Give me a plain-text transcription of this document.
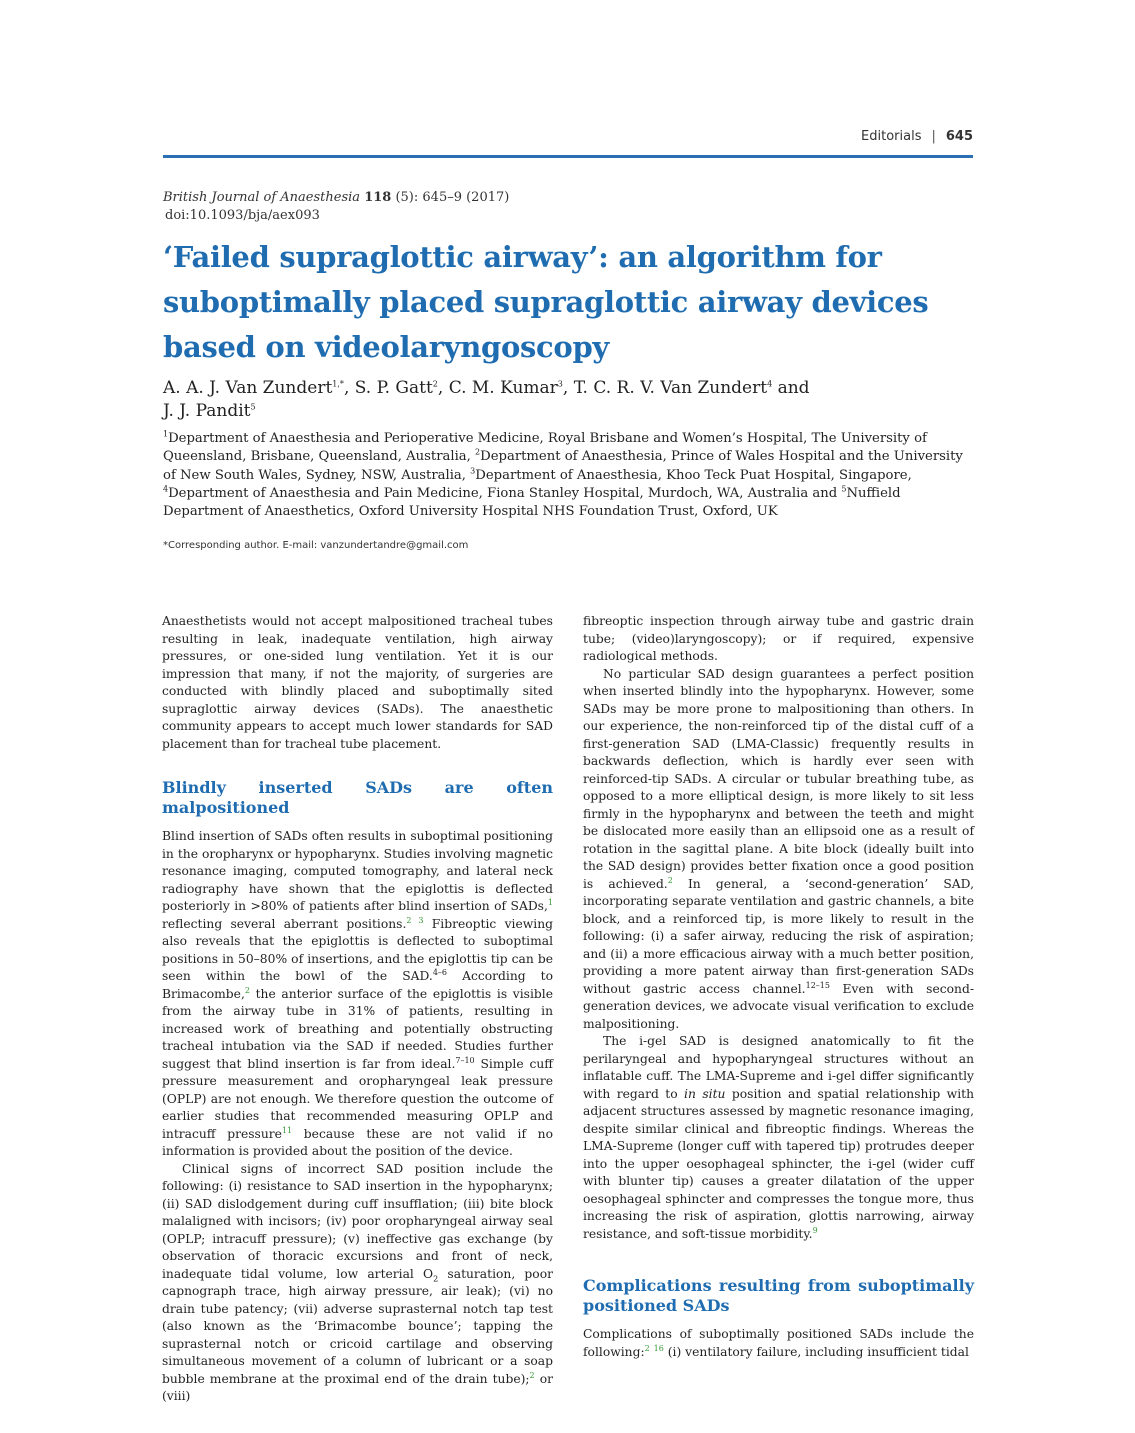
Editorials | 645
British Journal of Anaesthesia 118 (5): 645–9 (2017)
doi:10.1093/bja/aex093
‘Failed supraglottic airway’: an algorithm for suboptimally placed supraglottic airway devices based on videolaryngoscopy
A. A. J. Van Zundert$^{1,*}$, S. P. Gatt$^2$, C. M. Kumar$^3$, T. C. R. V. Van Zundert$^4$ and
J. J. Pandit$^5$
$^1$Department of Anaesthesia and Perioperative Medicine, Royal Brisbane and Women’s Hospital, The University of Queensland, Brisbane, Queensland, Australia, $^2$Department of Anaesthesia, Prince of Wales Hospital and the University of New South Wales, Sydney, NSW, Australia, $^3$Department of Anaesthesia, Khoo Teck Puat Hospital, Singapore,
$^4$Department of Anaesthesia and Pain Medicine, Fiona Stanley Hospital, Murdoch, WA, Australia and $^5$Nuffield Department of Anaesthetics, Oxford University Hospital NHS Foundation Trust, Oxford, UK
*Corresponding author. E-mail: vanzundertandre@gmail.com

Anaesthetists would not accept malpositioned tracheal tubes resulting in leak, inadequate ventilation, high airway pressures, or one-sided lung ventilation. Yet it is our impression that many, if not the majority, of surgeries are conducted with blindly placed and suboptimally sited supraglottic airway devices (SADs). The anaesthetic community appears to accept much lower standards for SAD placement than for tracheal tube placement.

Blindly inserted SADs are often malpositioned

Blind insertion of SADs often results in suboptimal positioning in the oropharynx or hypopharynx. Studies involving magnetic resonance imaging, computed tomography, and lateral neck radiography have shown that the epiglottis is deflected posteriorly in >80% of patients after blind insertion of SADs,$^1$ reflecting several aberrant positions.$^{2 3}$ Fibreoptic viewing also reveals that the epiglottis is deflected to suboptimal positions in 50–80% of insertions, and the epiglottis tip can be seen within the bowl of the SAD.$^{4-6}$ According to Brimacombe,$^2$ the anterior surface of the epiglottis is visible from the airway tube in 31% of patients, resulting in increased work of breathing and potentially obstructing tracheal intubation via the SAD if needed. Studies further suggest that blind insertion is far from ideal.$^{7-10}$ Simple cuff pressure measurement and oropharyngeal leak pressure (OPLP) are not enough. We therefore question the outcome of earlier studies that recommended measuring OPLP and intracuff pressure$^{11}$ because these are not valid if no information is provided about the position of the device.

Clinical signs of incorrect SAD position include the following: (i) resistance to SAD insertion in the hypopharynx; (ii) SAD dislodgement during cuff insufflation; (iii) bite block malaligned with incisors; (iv) poor oropharyngeal airway seal (OPLP; intracuff pressure); (v) ineffective gas exchange (by observation of thoracic excursions and front of neck, inadequate tidal volume, low arterial $O_2$ saturation, poor capnograph trace, high airway pressure, air leak); (vi) no drain tube patency; (vii) adverse suprasternal notch tap test (also known as the ‘Brimacombe bounce’; tapping the suprasternal notch or cricoid cartilage and observing simultaneous movement of a column of lubricant or a soap bubble membrane at the proximal end of the drain tube);$^2$ or (viii)

fibreoptic inspection through airway tube and gastric drain tube; (video)laryngoscopy); or if required, expensive radiological methods.

No particular SAD design guarantees a perfect position when inserted blindly into the hypopharynx. However, some SADs may be more prone to malpositioning than others. In our experience, the non-reinforced tip of the distal cuff of a first-generation SAD (LMA-Classic) frequently results in backwards deflection, which is hardly ever seen with reinforced-tip SADs. A circular or tubular breathing tube, as opposed to a more elliptical design, is more likely to sit less firmly in the hypopharynx and between the teeth and might be dislocated more easily than an ellipsoid one as a result of rotation in the sagittal plane. A bite block (ideally built into the SAD design) provides better fixation once a good position is achieved.$^2$ In general, a ‘second-generation’ SAD, incorporating separate ventilation and gastric channels, a bite block, and a reinforced tip, is more likely to result in the following: (i) a safer airway, reducing the risk of aspiration; and (ii) a more efficacious airway with a much better position, providing a more patent airway than first-generation SADs without gastric access channel.$^{12-15}$ Even with second-generation devices, we advocate visual verification to exclude malpositioning.

The i-gel SAD is designed anatomically to fit the perilaryngeal and hypopharyngeal structures without an inflatable cuff. The LMA-Supreme and i-gel differ significantly with regard to in situ position and spatial relationship with adjacent structures assessed by magnetic resonance imaging, despite similar clinical and fibreoptic findings. Whereas the LMA-Supreme (longer cuff with tapered tip) protrudes deeper into the upper oesophageal sphincter, the i-gel (wider cuff with blunter tip) causes a greater dilatation of the upper oesophageal sphincter and compresses the tongue more, thus increasing the risk of aspiration, glottis narrowing, airway resistance, and soft-tissue morbidity.$^9$

Complications resulting from suboptimally positioned SADs

Complications of suboptimally positioned SADs include the following:$^2$ $^{16}$ (i) ventilatory failure, including insufficient tidal
